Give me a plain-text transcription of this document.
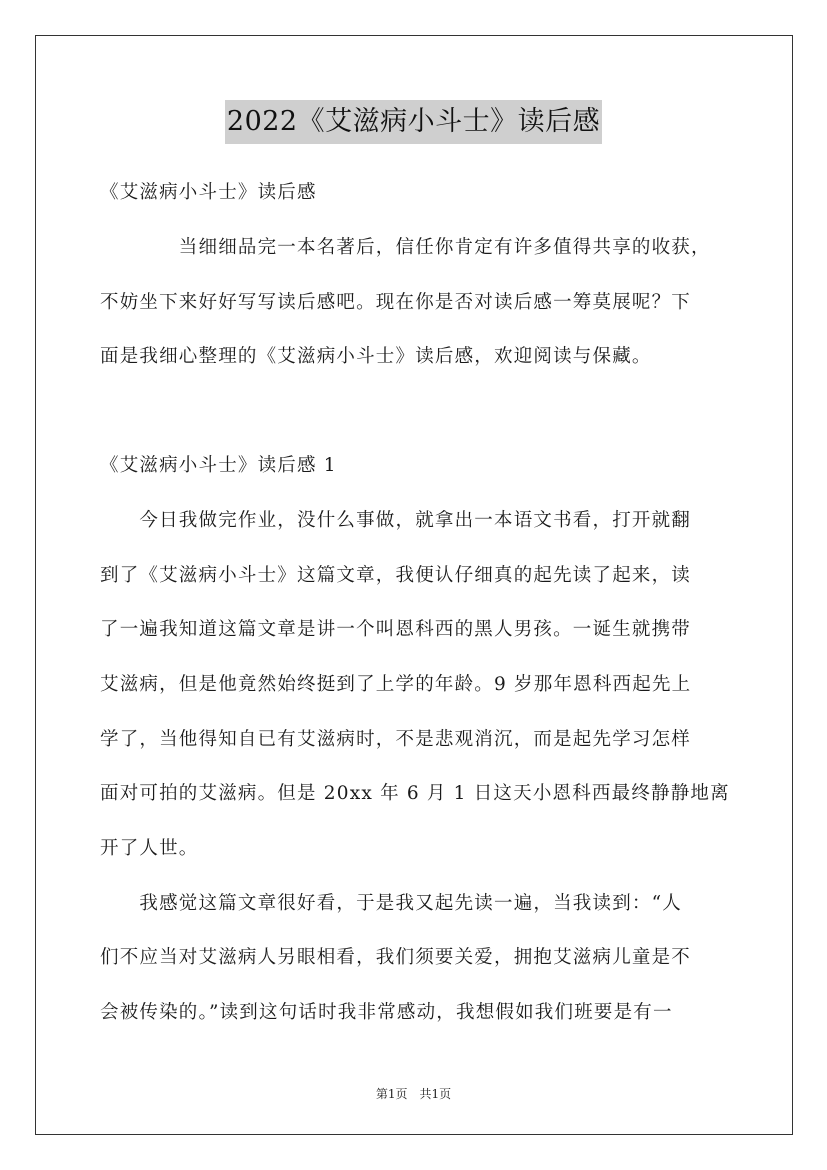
2022《艾滋病小斗士》读后感
《艾滋病小斗士》读后感
　　　　当细细品完一本名著后，信任你肯定有许多值得共享的收获，
不妨坐下来好好写写读后感吧。现在你是否对读后感一筹莫展呢？下
面是我细心整理的《艾滋病小斗士》读后感，欢迎阅读与保藏。
《艾滋病小斗士》读后感 1
　　今日我做完作业，没什么事做，就拿出一本语文书看，打开就翻
到了《艾滋病小斗士》这篇文章，我便认仔细真的起先读了起来，读
了一遍我知道这篇文章是讲一个叫恩科西的黑人男孩。一诞生就携带
艾滋病，但是他竟然始终挺到了上学的年龄。9 岁那年恩科西起先上
学了，当他得知自已有艾滋病时，不是悲观消沉，而是起先学习怎样
面对可拍的艾滋病。但是 20xx 年 6 月 1 日这天小恩科西最终静静地离
开了人世。
　　我感觉这篇文章很好看，于是我又起先读一遍，当我读到：“人
们不应当对艾滋病人另眼相看，我们须要关爱，拥抱艾滋病儿童是不
会被传染的。”读到这句话时我非常感动，我想假如我们班要是有一
第1页　共1页
